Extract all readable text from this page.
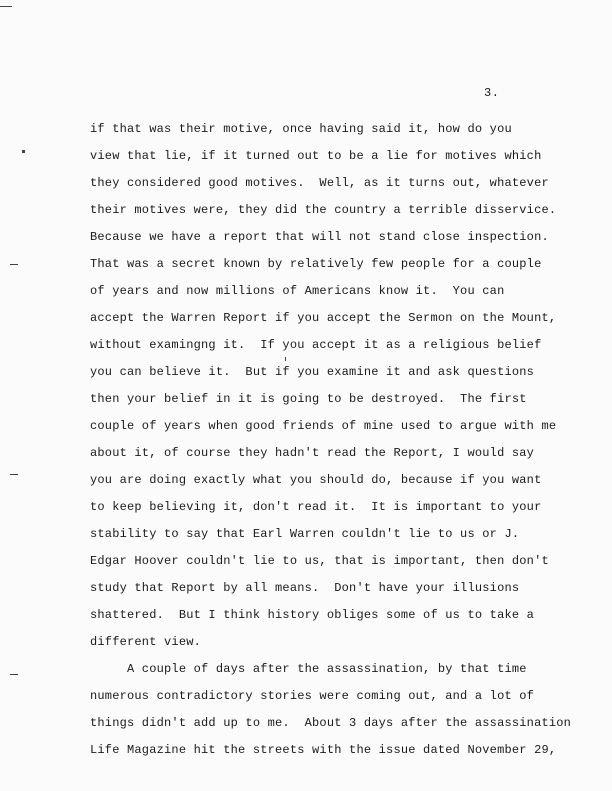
3.
if that was their motive, once having said it, how do you
view that lie, if it turned out to be a lie for motives which
they considered good motives.  Well, as it turns out, whatever
their motives were, they did the country a terrible disservice.
Because we have a report that will not stand close inspection.
That was a secret known by relatively few people for a couple
of years and now millions of Americans know it.  You can
accept the Warren Report if you accept the Sermon on the Mount,
without examingng it.  If you accept it as a religious belief
you can believe it.  But if you examine it and ask questions
then your belief in it is going to be destroyed.  The first
couple of years when good friends of mine used to argue with me
about it, of course they hadn't read the Report, I would say
you are doing exactly what you should do, because if you want
to keep believing it, don't read it.  It is important to your
stability to say that Earl Warren couldn't lie to us or J.
Edgar Hoover couldn't lie to us, that is important, then don't
study that Report by all means.  Don't have your illusions
shattered.  But I think history obliges some of us to take a
different view.
A couple of days after the assassination, by that time
numerous contradictory stories were coming out, and a lot of
things didn't add up to me.  About 3 days after the assassination
Life Magazine hit the streets with the issue dated November 29,
